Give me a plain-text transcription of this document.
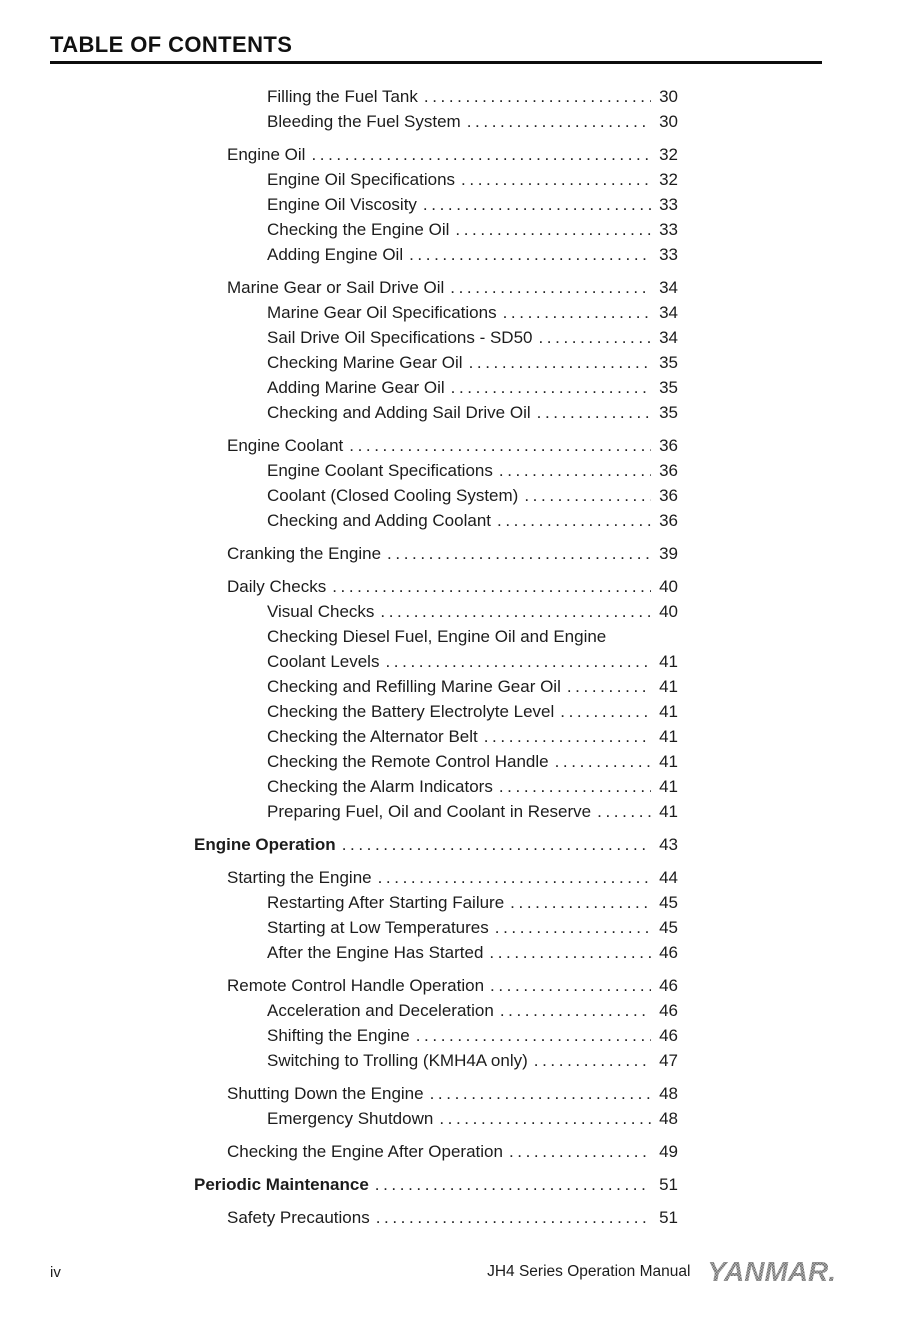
TABLE OF CONTENTS
Filling the Fuel Tank .....	30
Bleeding the Fuel System .....	30
Engine Oil .....	32
Engine Oil Specifications .....	32
Engine Oil Viscosity .....	33
Checking the Engine Oil .....	33
Adding Engine Oil .....	33
Marine Gear or Sail Drive Oil .....	34
Marine Gear Oil Specifications .....	34
Sail Drive Oil Specifications - SD50 .....	34
Checking Marine Gear Oil .....	35
Adding Marine Gear Oil .....	35
Checking and Adding Sail Drive Oil .....	35
Engine Coolant .....	36
Engine Coolant Specifications .....	36
Coolant (Closed Cooling System) .....	36
Checking and Adding Coolant .....	36
Cranking the Engine .....	39
Daily Checks .....	40
Visual Checks .....	40
Checking Diesel Fuel, Engine Oil and Engine
Coolant Levels .....	41
Checking and Refilling Marine Gear Oil .....	41
Checking the Battery Electrolyte Level .....	41
Checking the Alternator Belt .....	41
Checking the Remote Control Handle .....	41
Checking the Alarm Indicators .....	41
Preparing Fuel, Oil and Coolant in Reserve .....	41
Engine Operation .....	43
Starting the Engine .....	44
Restarting After Starting Failure .....	45
Starting at Low Temperatures .....	45
After the Engine Has Started .....	46
Remote Control Handle Operation .....	46
Acceleration and Deceleration .....	46
Shifting the Engine .....	46
Switching to Trolling (KMH4A only) .....	47
Shutting Down the Engine .....	48
Emergency Shutdown .....	48
Checking the Engine After Operation .....	49
Periodic Maintenance .....	51
Safety Precautions .....	51
iv	JH4 Series Operation Manual YANMAR.
